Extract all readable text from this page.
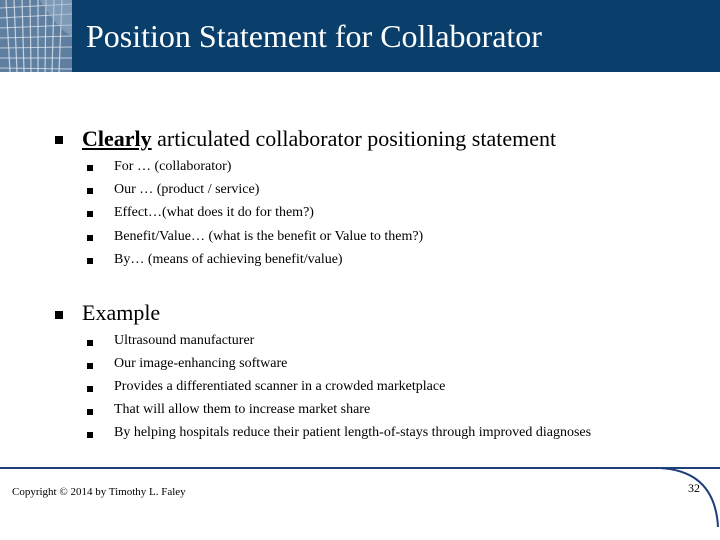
Position Statement for Collaborator
Clearly articulated collaborator positioning statement
For … (collaborator)
Our … (product / service)
Effect…(what does it do for them?)
Benefit/Value… (what is the benefit or Value to them?)
By… (means of achieving benefit/value)
Example
Ultrasound manufacturer
Our image-enhancing software
Provides a differentiated scanner in a crowded marketplace
That will allow them to increase market share
By helping hospitals reduce their patient length-of-stays through improved diagnoses
Copyright © 2014 by Timothy L. Faley	32
